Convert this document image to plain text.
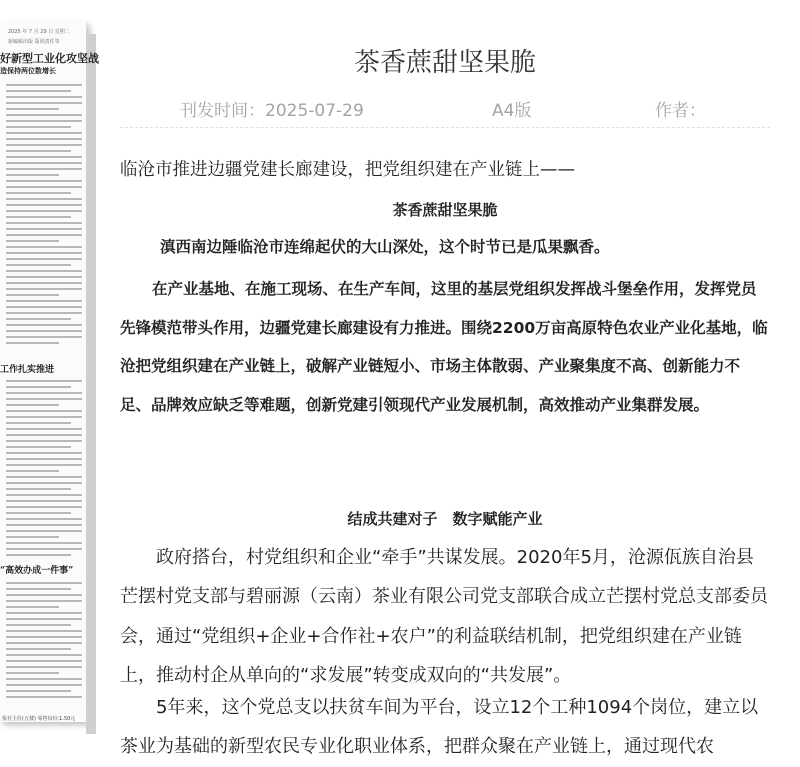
2025 年 7 月 29 日 星期二
新编辑出版 版别责任等
好新型工业化攻坚战
造保持两位数增长
工作扎实推进
“高效办成一件事”
报社主任(五楼) 零售每份:1.50元
茶香蔗甜坚果脆
刊发时间：2025-07-29	A4版	作者：

临沧市推进边疆党建长廊建设，把党组织建在产业链上——

茶香蔗甜坚果脆

滇西南边陲临沧市连绵起伏的大山深处，这个时节已是瓜果飘香。

在产业基地、在施工现场、在生产车间，这里的基层党组织发挥战斗堡垒作用，发挥党员先锋模范带头作用，边疆党建长廊建设有力推进。围绕2200万亩高原特色农业产业化基地，临沧把党组织建在产业链上，破解产业链短小、市场主体散弱、产业聚集度不高、创新能力不足、品牌效应缺乏等难题，创新党建引领现代产业发展机制，高效推动产业集群发展。

结成共建对子　数字赋能产业

政府搭台，村党组织和企业“牵手”共谋发展。2020年5月，沧源佤族自治县芒摆村党支部与碧丽源（云南）茶业有限公司党支部联合成立芒摆村党总支部委员会，通过“党组织+企业+合作社+农户”的利益联结机制，把党组织建在产业链上，推动村企从单向的“求发展”转变成双向的“共发展”。

5年来，这个党总支以扶贫车间为平台，设立12个工种1094个岗位，建立以茶业为基础的新型农民专业化职业体系，把群众聚在产业链上，通过现代农
